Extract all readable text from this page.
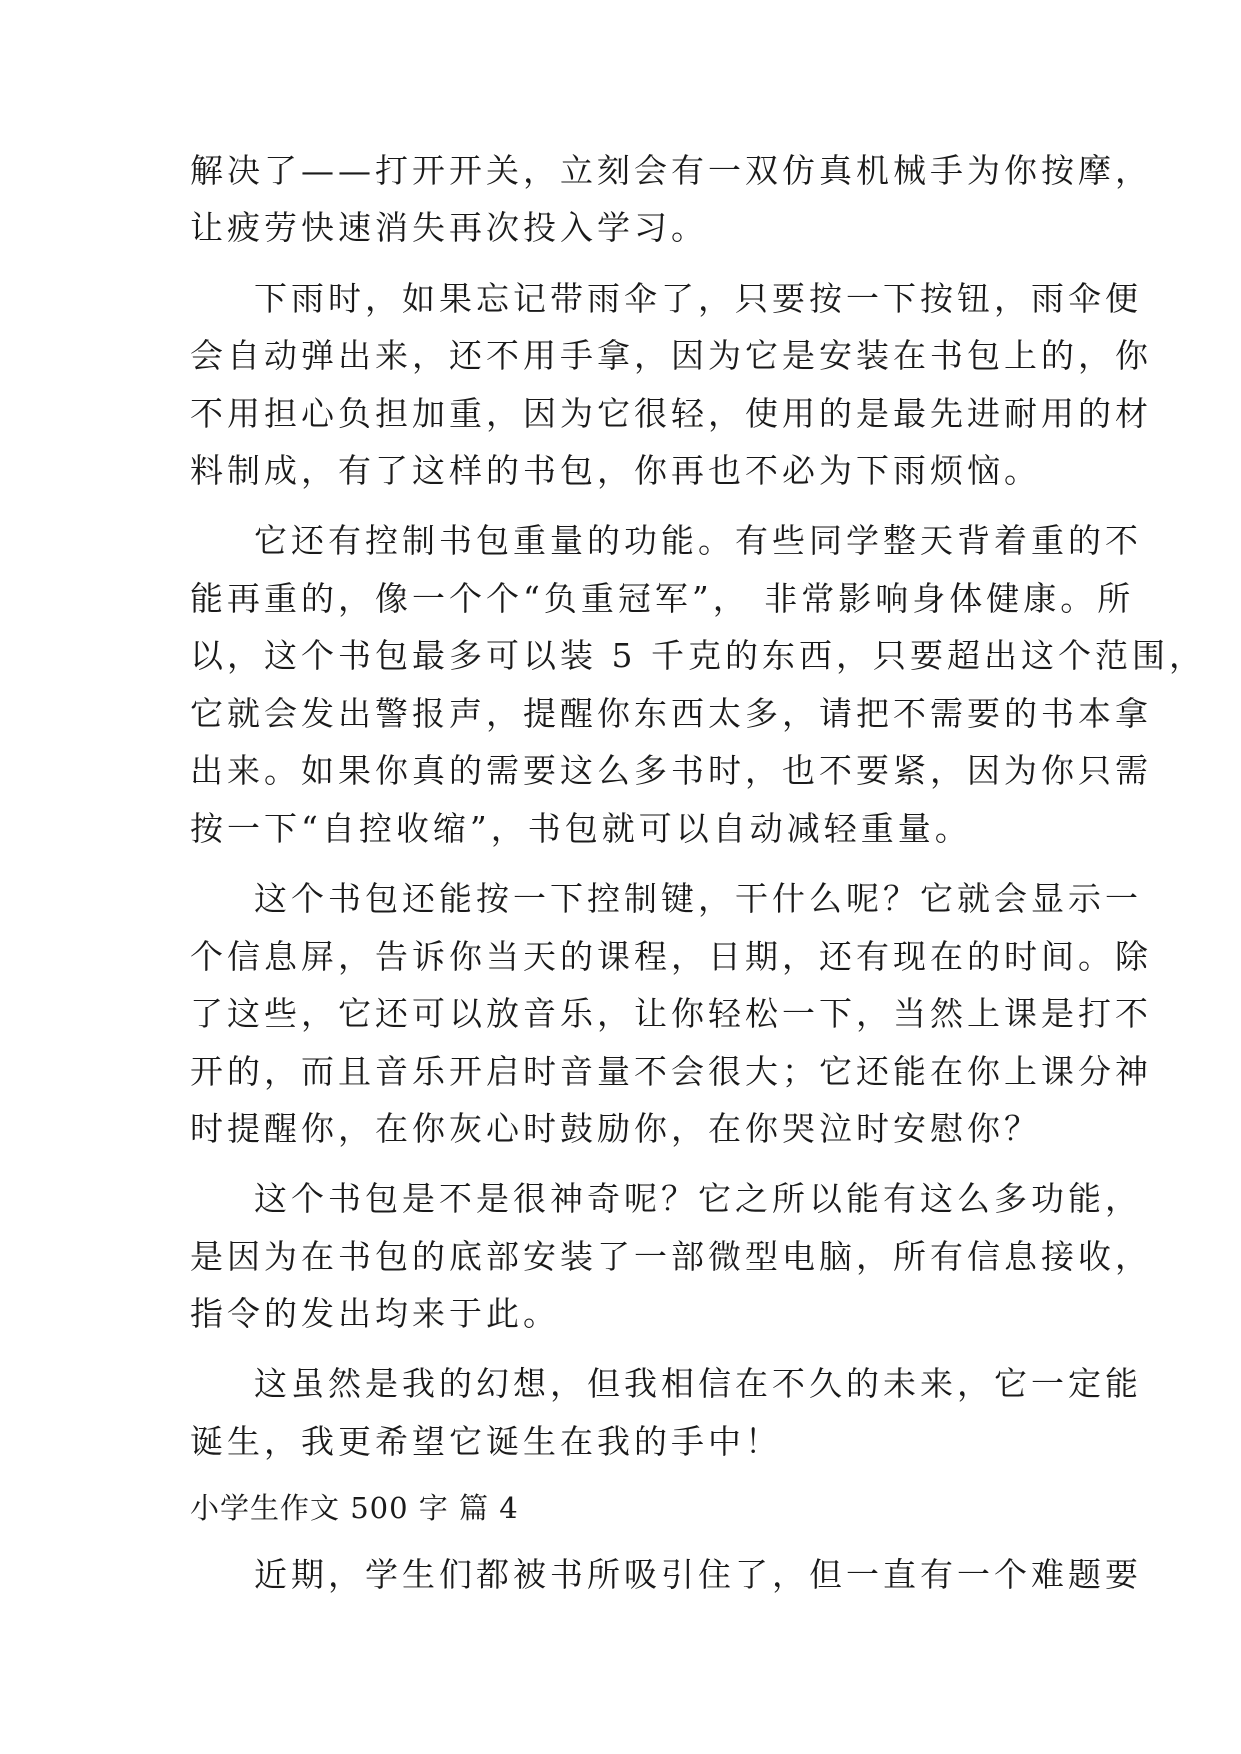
解决了——打开开关，立刻会有一双仿真机械手为你按摩，
让疲劳快速消失再次投入学习。
下雨时，如果忘记带雨伞了，只要按一下按钮，雨伞便
会自动弹出来，还不用手拿，因为它是安装在书包上的，你
不用担心负担加重，因为它很轻，使用的是最先进耐用的材
料制成，有了这样的书包，你再也不必为下雨烦恼。
它还有控制书包重量的功能。有些同学整天背着重的不
能再重的，像一个个“负重冠军”， 非常影响身体健康。所
以，这个书包最多可以装 5 千克的东西，只要超出这个范围，
它就会发出警报声，提醒你东西太多，请把不需要的书本拿
出来。如果你真的需要这么多书时，也不要紧，因为你只需
按一下“自控收缩”，书包就可以自动减轻重量。
这个书包还能按一下控制键，干什么呢？它就会显示一
个信息屏，告诉你当天的课程，日期，还有现在的时间。除
了这些，它还可以放音乐，让你轻松一下，当然上课是打不
开的，而且音乐开启时音量不会很大；它还能在你上课分神
时提醒你，在你灰心时鼓励你，在你哭泣时安慰你？
这个书包是不是很神奇呢？它之所以能有这么多功能，
是因为在书包的底部安装了一部微型电脑，所有信息接收，
指令的发出均来于此。
这虽然是我的幻想，但我相信在不久的未来，它一定能
诞生，我更希望它诞生在我的手中！
小学生作文 500 字 篇 4
近期，学生们都被书所吸引住了，但一直有一个难题要
